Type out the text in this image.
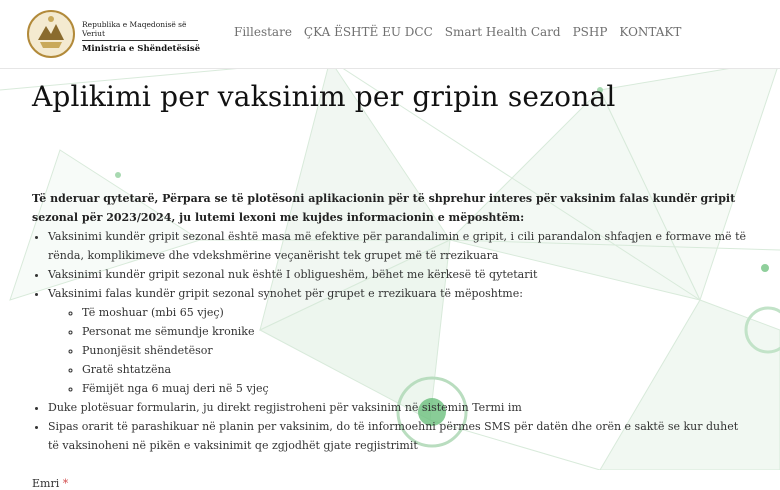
Republika e Maqedonisë së Veriut
Ministria e Shëndetësisë
Fillestare ÇKA ËSHTË EU DCC Smart Health Card PSHP KONTAKT
Aplikimi per vaksinim per gripin sezonal

Të nderuar qytetarë, Përpara se të plotësoni aplikacionin për të shprehur interes për vaksinim falas kundër gripit sezonal për 2023/2024, ju lutemi lexoni me kujdes informacionin e mëposhtëm:

• Vaksinimi kundër gripit sezonal është masa më efektive për parandalimin e gripit, i cili parandalon shfaqjen e formave më të rënda, komplikimeve dhe vdekshmërine veçanërisht tek grupet më të rrezikuara
• Vaksinimi kundër gripit sezonal nuk është I obligueshëm, bëhet me kërkesë të qytetarit
• Vaksinimi falas kundër gripit sezonal synohet për grupet e rrezikuara të mëposhtme:
◦ Të moshuar (mbi 65 vjeç)
◦ Personat me sëmundje kronike
◦ Punonjësit shëndetësor
◦ Gratë shtatzëna
◦ Fëmijët nga 6 muaj deri në 5 vjeç
• Duke plotësuar formularin, ju direkt regjistroheni për vaksinim në sistemin Termi im
• Sipas orarit të parashikuar në planin per vaksinim, do të informoehni përmes SMS për datën dhe orën e saktë se kur duhet të vaksinoheni në pikën e vaksinimit qe zgjodhët gjate regjistrimit
Emri *
